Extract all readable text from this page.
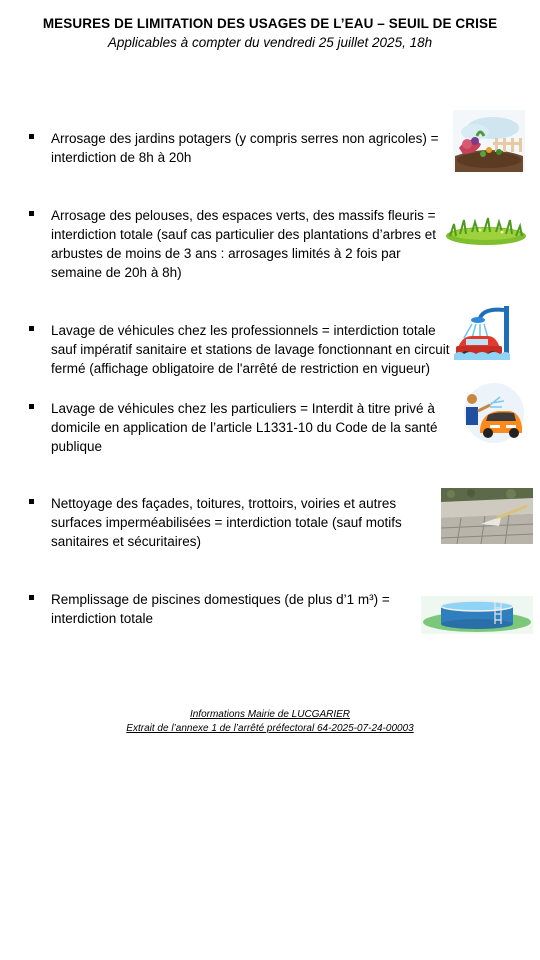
MESURES DE LIMITATION DES USAGES DE L’EAU – SEUIL DE CRISE
Applicables à compter du vendredi 25 juillet 2025, 18h
Arrosage des jardins potagers (y compris serres non agricoles) = interdiction de 8h à 20h
Arrosage des pelouses, des espaces verts, des massifs fleuris = interdiction totale (sauf cas particulier des plantations d’arbres et arbustes de moins de 3 ans : arrosages limités à 2 fois par semaine de 20h à 8h)
Lavage de véhicules chez les professionnels = interdiction totale sauf impératif sanitaire et stations de lavage fonctionnant en circuit fermé (affichage obligatoire de l'arrêté de restriction en vigueur)
Lavage de véhicules chez les particuliers = Interdit à titre privé à domicile en application de l’article L1331-10 du Code de la santé publique
Nettoyage des façades, toitures, trottoirs, voiries et autres surfaces imperméabilisées = interdiction totale (sauf motifs sanitaires et sécuritaires)
Remplissage de piscines domestiques (de plus d’1 m³) = interdiction totale
Informations Mairie de LUCGARIER
Extrait de l’annexe 1 de l’arrêté préfectoral 64-2025-07-24-00003
